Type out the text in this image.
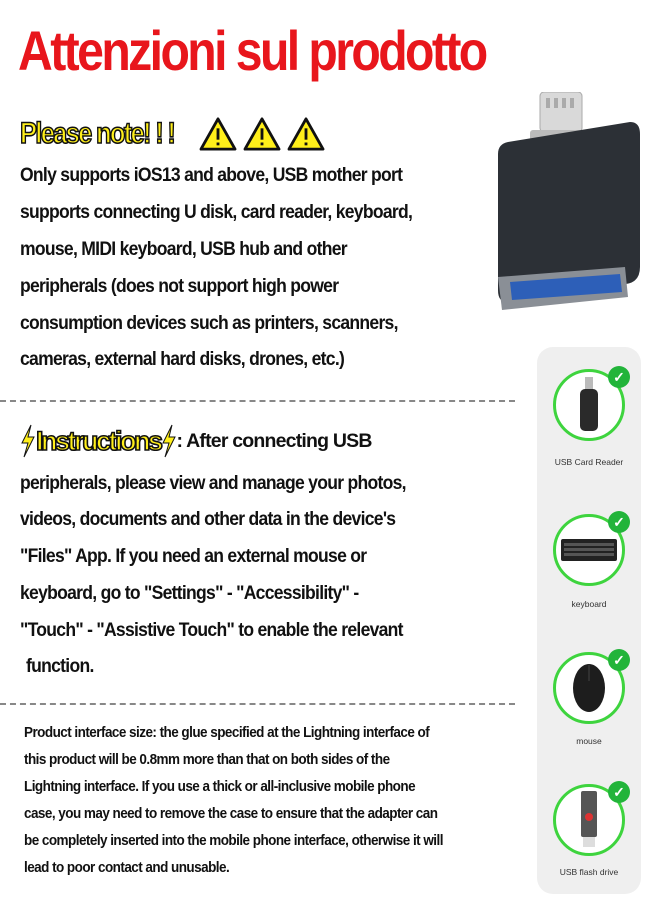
Attenzioni sul prodotto
Please note! ! !
Only supports iOS13 and above, USB mother port
supports connecting U disk, card reader, keyboard,
mouse, MIDI keyboard, USB hub and other
peripherals (does not support high power
consumption devices such as printers, scanners,
cameras, external hard disks, drones, etc.)
Instructions : After connecting USB
peripherals, please view and manage your photos,
videos, documents and other data in the device's
"Files" App. If you need an external mouse or
keyboard, go to "Settings" - "Accessibility" -
"Touch" - "Assistive Touch" to enable the relevant
function.
Product interface size: the glue specified at the Lightning interface of
this product will be 0.8mm more than that on both sides of the
Lightning interface. If you use a thick or all-inclusive mobile phone
case, you may need to remove the case to ensure that the adapter can
be completely inserted into the mobile phone interface, otherwise it will
lead to poor contact and unusable.
✓
USB Card Reader
✓
keyboard
✓
mouse
✓
USB flash drive
